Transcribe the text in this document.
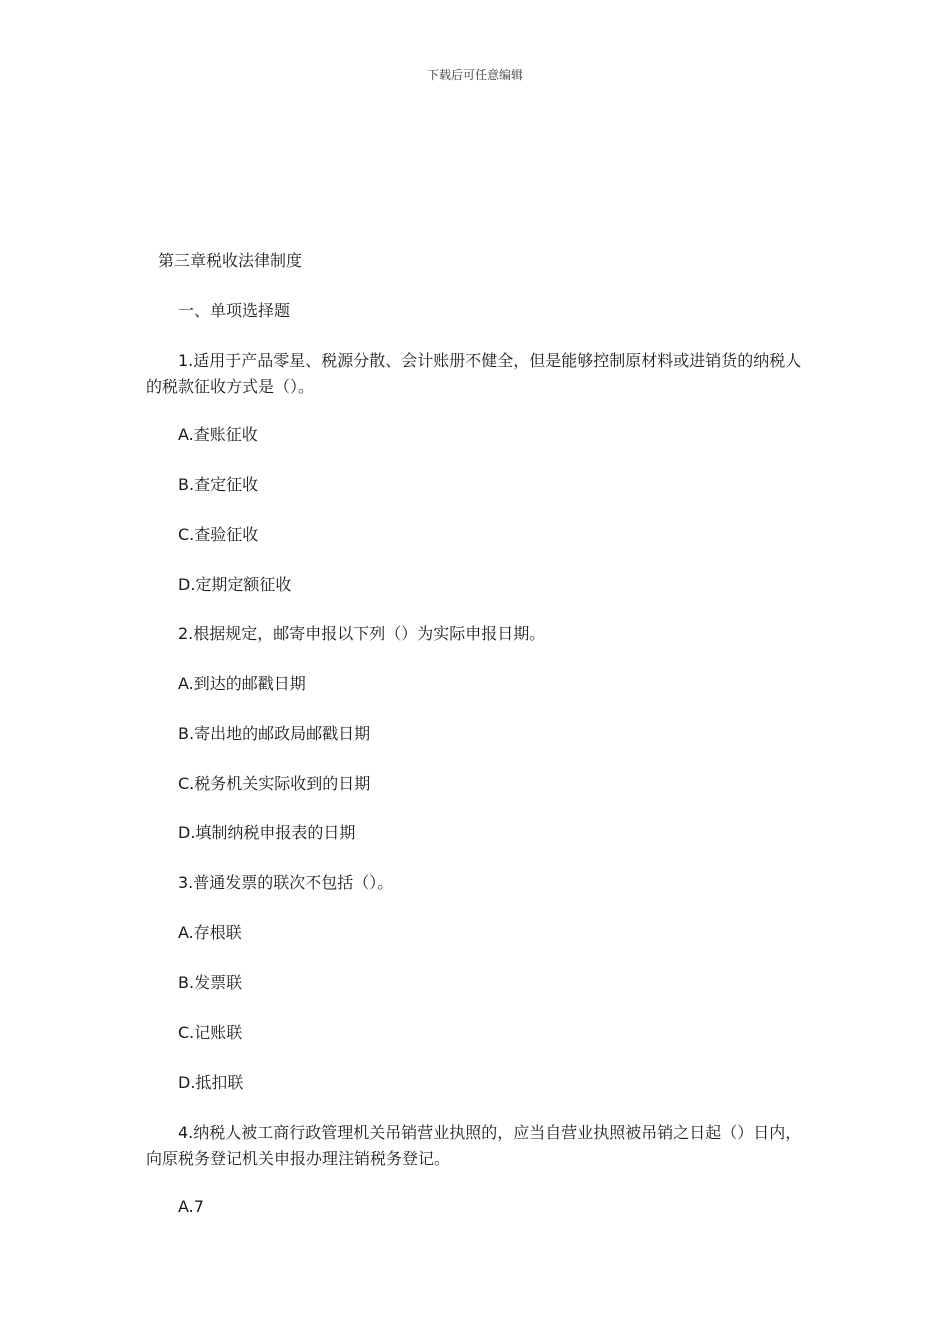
下载后可任意编辑
第三章税收法律制度
一、单项选择题
1.适用于产品零星、税源分散、会计账册不健全，但是能够控制原材料或进销货的纳税人的税款征收方式是（）。
A.查账征收
B.查定征收
C.查验征收
D.定期定额征收
2.根据规定，邮寄申报以下列（）为实际申报日期。
A.到达的邮戳日期
B.寄出地的邮政局邮戳日期
C.税务机关实际收到的日期
D.填制纳税申报表的日期
3.普通发票的联次不包括（）。
A.存根联
B.发票联
C.记账联
D.抵扣联
4.纳税人被工商行政管理机关吊销营业执照的，应当自营业执照被吊销之日起（）日内，向原税务登记机关申报办理注销税务登记。
A.7
